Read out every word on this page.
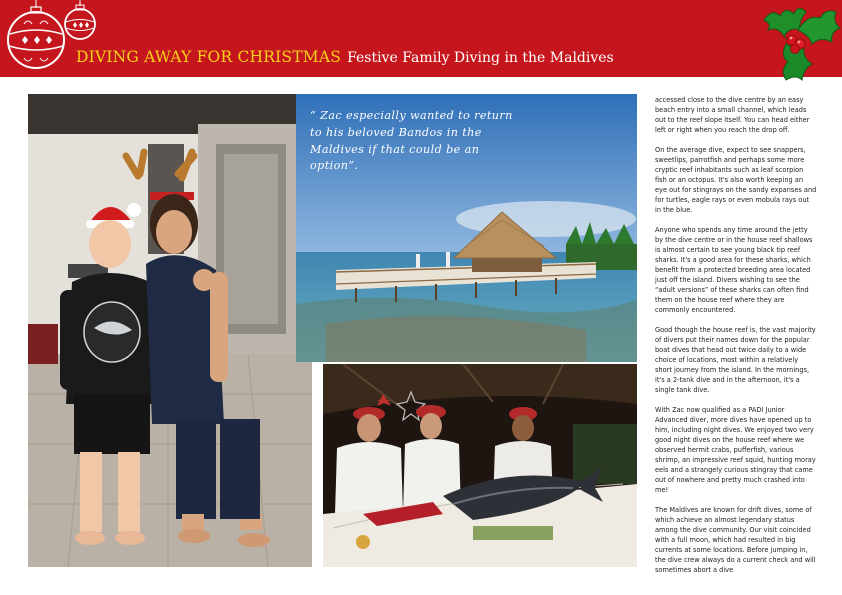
DIVING AWAY FOR CHRISTMAS Festive Family Diving in the Maldives
“ Zac especially wanted to return to his beloved Bandos in the Maldives if that could be an option”.

accessed close to the dive centre by an easy beach entry into a small channel, which leads out to the reef slope itself. You can head either left or right when you reach the drop off.

On the average dive, expect to see snappers, sweetlips, parrotfish and perhaps some more cryptic reef inhabitants such as leaf scorpion fish or an octopus. It's also worth keeping an eye out for stingrays on the sandy expanses and for turtles, eagle rays or even mobula rays out in the blue.

Anyone who spends any time around the jetty by the dive centre or in the house reef shallows is almost certain to see young black tip reef sharks. It's a good area for these sharks, which benefit from a protected breeding area located just off the island. Divers wishing to see the “adult versions” of these sharks can often find them on the house reef where they are commonly encountered.

Good though the house reef is, the vast majority of divers put their names down for the popular boat dives that head out twice daily to a wide choice of locations, most within a relatively short journey from the island. In the mornings, it's a 2-tank dive and in the afternoon, it's a single tank dive.

With Zac now qualified as a PADI Junior Advanced diver, more dives have opened up to him, including night dives. We enjoyed two very good night dives on the house reef where we observed hermit crabs, pufferfish, various shrimp, an impressive reef squid, hunting moray eels and a strangely curious stingray that came out of nowhere and pretty much crashed into me!

The Maldives are known for drift dives, some of which achieve an almost legendary status among the dive community. Our visit coincided with a full moon, which had resulted in big currents at some locations. Before jumping in, the dive crew always do a current check and will sometimes abort a dive
